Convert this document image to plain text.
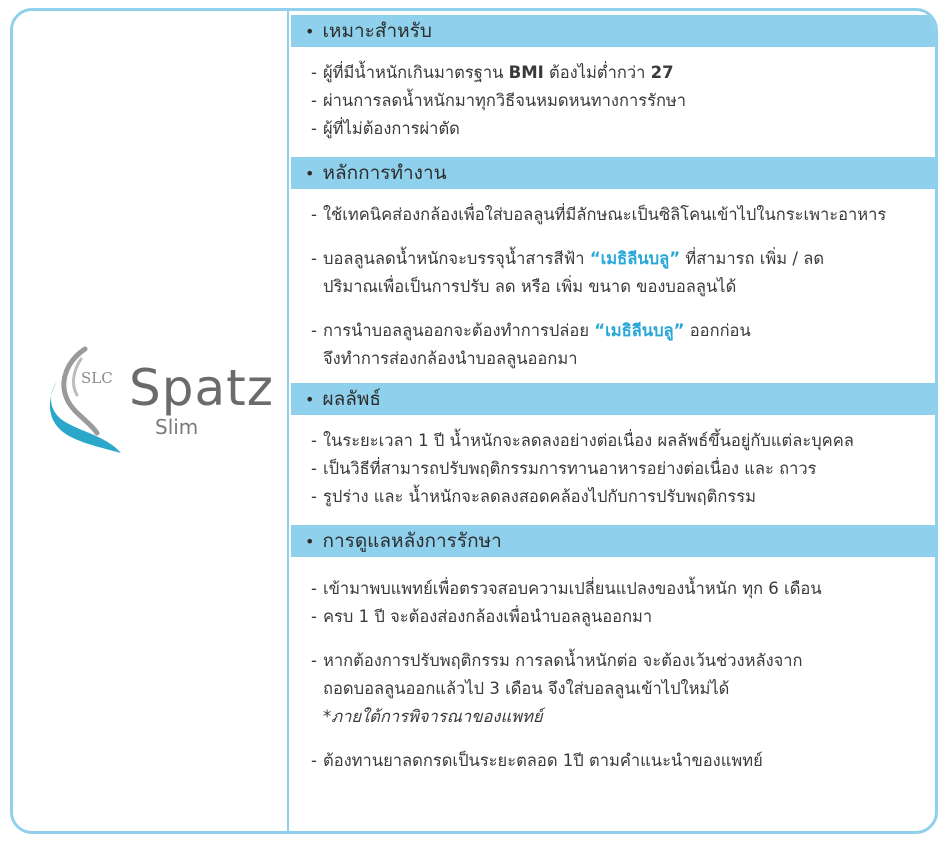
SLC Spatz
Slim
• เหมาะสำหรับ
- ผู้ที่มีน้ำหนักเกินมาตรฐาน BMI ต้องไม่ต่ำกว่า 27
- ผ่านการลดน้ำหนักมาทุกวิธีจนหมดหนทางการรักษา
- ผู้ที่ไม่ต้องการผ่าตัด
• หลักการทำงาน
- ใช้เทคนิคส่องกล้องเพื่อใส่บอลลูนที่มีลักษณะเป็นซิลิโคนเข้าไปในกระเพาะอาหาร
- บอลลูนลดน้ำหนักจะบรรจุน้ำสารสีฟ้า “เมธิลีนบลู” ที่สามารถ เพิ่ม / ลด
ปริมาณเพื่อเป็นการปรับ ลด หรือ เพิ่ม ขนาด ของบอลลูนได้
- การนำบอลลูนออกจะต้องทำการปล่อย “เมธิลีนบลู” ออกก่อน
จึงทำการส่องกล้องนำบอลลูนออกมา
• ผลลัพธ์
- ในระยะเวลา 1 ปี น้ำหนักจะลดลงอย่างต่อเนื่อง ผลลัพธ์ขึ้นอยู่กับแต่ละบุคคล
- เป็นวิธีที่สามารถปรับพฤติกรรมการทานอาหารอย่างต่อเนื่อง และ ถาวร
- รูปร่าง และ น้ำหนักจะลดลงสอดคล้องไปกับการปรับพฤติกรรม
• การดูแลหลังการรักษา
- เข้ามาพบแพทย์เพื่อตรวจสอบความเปลี่ยนแปลงของน้ำหนัก ทุก 6 เดือน
- ครบ 1 ปี จะต้องส่องกล้องเพื่อนำบอลลูนออกมา
- หากต้องการปรับพฤติกรรม การลดน้ำหนักต่อ จะต้องเว้นช่วงหลังจาก
ถอดบอลลูนออกแล้วไป 3 เดือน จึงใส่บอลลูนเข้าไปใหม่ได้
*ภายใต้การพิจารณาของแพทย์
- ต้องทานยาลดกรดเป็นระยะตลอด 1ปี ตามคำแนะนำของแพทย์
